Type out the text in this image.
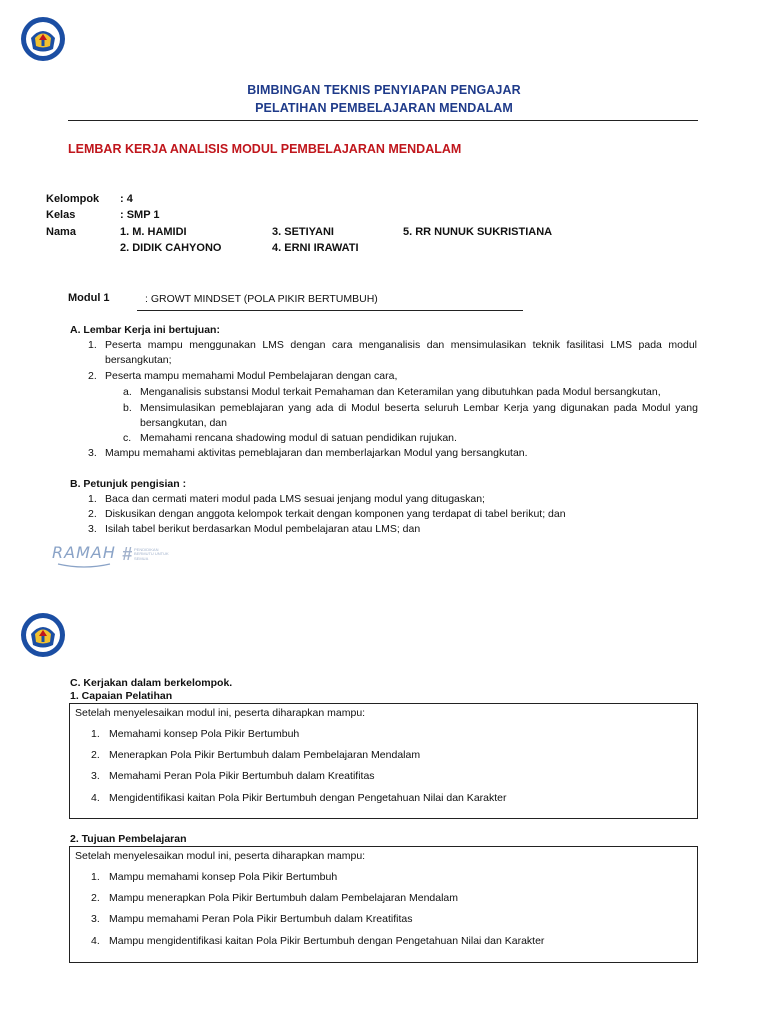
BIMBINGAN TEKNIS PENYIAPAN PENGAJAR
PELATIHAN PEMBELAJARAN MENDALAM
LEMBAR KERJA ANALISIS MODUL PEMBELAJARAN MENDALAM
Kelompok : 4
Kelas	: SMP 1
Nama	1. M. HAMIDI
2. DIDIK CAHYONO
3. SETIYANI
4. ERNI IRAWATI
5. RR NUNUK SUKRISTIANA
Modul 1	: GROWT MINDSET (POLA PIKIR BERTUMBUH)
A. Lembar Kerja ini bertujuan:
1. Peserta mampu menggunakan LMS dengan cara menganalisis dan mensimulasikan teknik fasilitasi LMS pada modul bersangkutan;
2. Peserta mampu memahami Modul Pembelajaran dengan cara,
a. Menganalisis substansi Modul terkait Pemahaman dan Keteramilan yang dibutuhkan pada Modul bersangkutan,
b. Mensimulasikan pemeblajaran yang ada di Modul beserta seluruh Lembar Kerja yang digunakan pada Modul yang bersangkutan, dan
c. Memahami rencana shadowing modul di satuan pendidikan rujukan.
3. Mampu memahami aktivitas pemeblajaran dan memberlajarkan Modul yang bersangkutan.
B. Petunjuk pengisian :
1. Baca dan cermati materi modul pada LMS sesuai jenjang modul yang ditugaskan;
2. Diskusikan dengan anggota kelompok terkait dengan komponen yang terdapat di tabel berikut; dan
3. Isilah tabel berikut berdasarkan Modul pembelajaran atau LMS; dan
RAMAH # PENDIDIKAN BERMUTU UNTUK SEMUA
C. Kerjakan dalam berkelompok.
1. Capaian Pelatihan
Setelah menyelesaikan modul ini, peserta diharapkan mampu:
1. Memahami konsep Pola Pikir Bertumbuh
2. Menerapkan Pola Pikir Bertumbuh dalam Pembelajaran Mendalam
3. Memahami Peran Pola Pikir Bertumbuh dalam Kreatifitas
4. Mengidentifikasi kaitan Pola Pikir Bertumbuh dengan Pengetahuan Nilai dan Karakter
2. Tujuan Pembelajaran
Setelah menyelesaikan modul ini, peserta diharapkan mampu:
1. Mampu memahami konsep Pola Pikir Bertumbuh
2. Mampu menerapkan Pola Pikir Bertumbuh dalam Pembelajaran Mendalam
3. Mampu memahami Peran Pola Pikir Bertumbuh dalam Kreatifitas
4. Mampu mengidentifikasi kaitan Pola Pikir Bertumbuh dengan Pengetahuan Nilai dan Karakter
